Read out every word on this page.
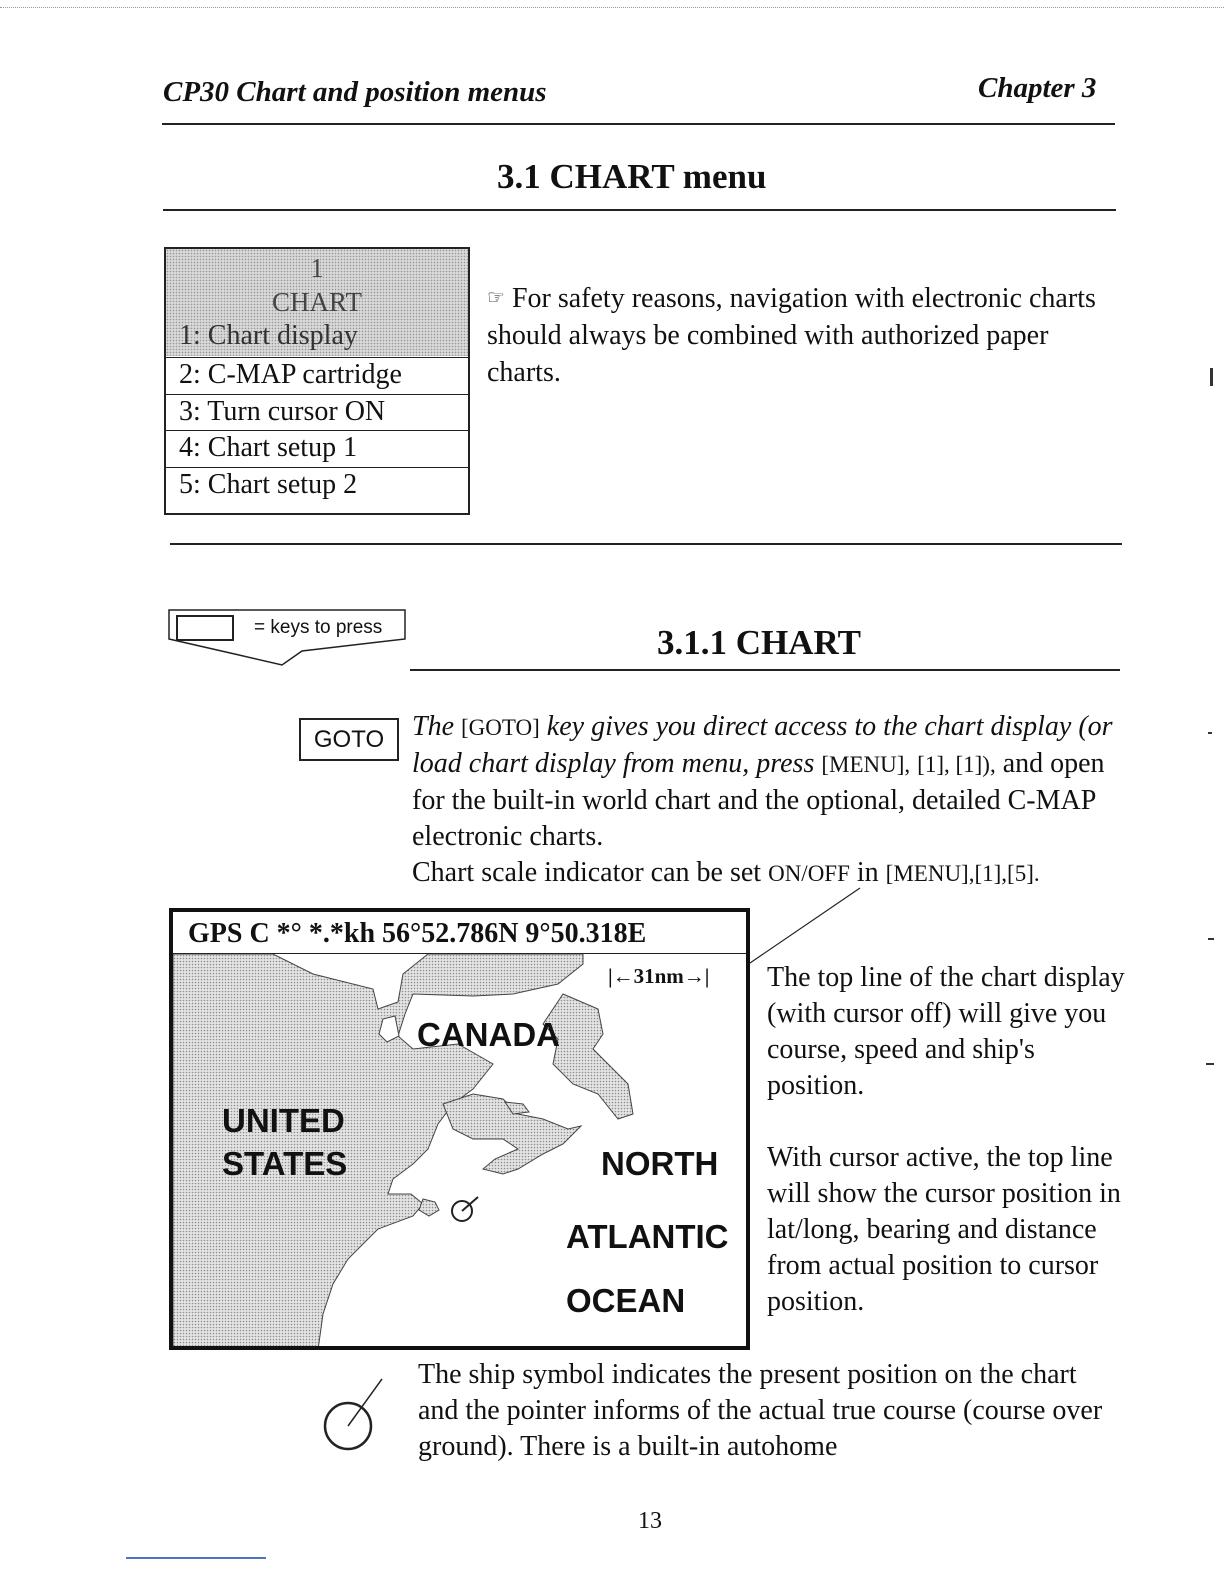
CP30 Chart and position menus	Chapter 3
3.1 CHART menu
1
CHART
1: Chart display
2: C-MAP cartridge
3: Turn cursor ON
4: Chart setup 1
5: Chart setup 2
☞ For safety reasons, navigation with electronic charts should always be combined with authorized paper charts.
= keys to press	3.1.1 CHART
GOTO The [GOTO] key gives you direct access to the chart display (or load chart display from menu, press [MENU], [1], [1]), and open for the built-in world chart and the optional, detailed C-MAP electronic charts.
Chart scale indicator can be set ON/OFF in [MENU],[1],[5].
GPS C *° *.*kh 56°52.786N 9°50.318E
|←31nm→|
CANADA
UNITED
STATES	NORTH
ATLANTIC
OCEAN
The top line of the chart display (with cursor off) will give you course, speed and ship's position.
With cursor active, the top line will show the cursor position in lat/long, bearing and distance from actual position to cursor position.
The ship symbol indicates the present position on the chart and the pointer informs of the actual true course (course over ground). There is a built-in autohome
13
